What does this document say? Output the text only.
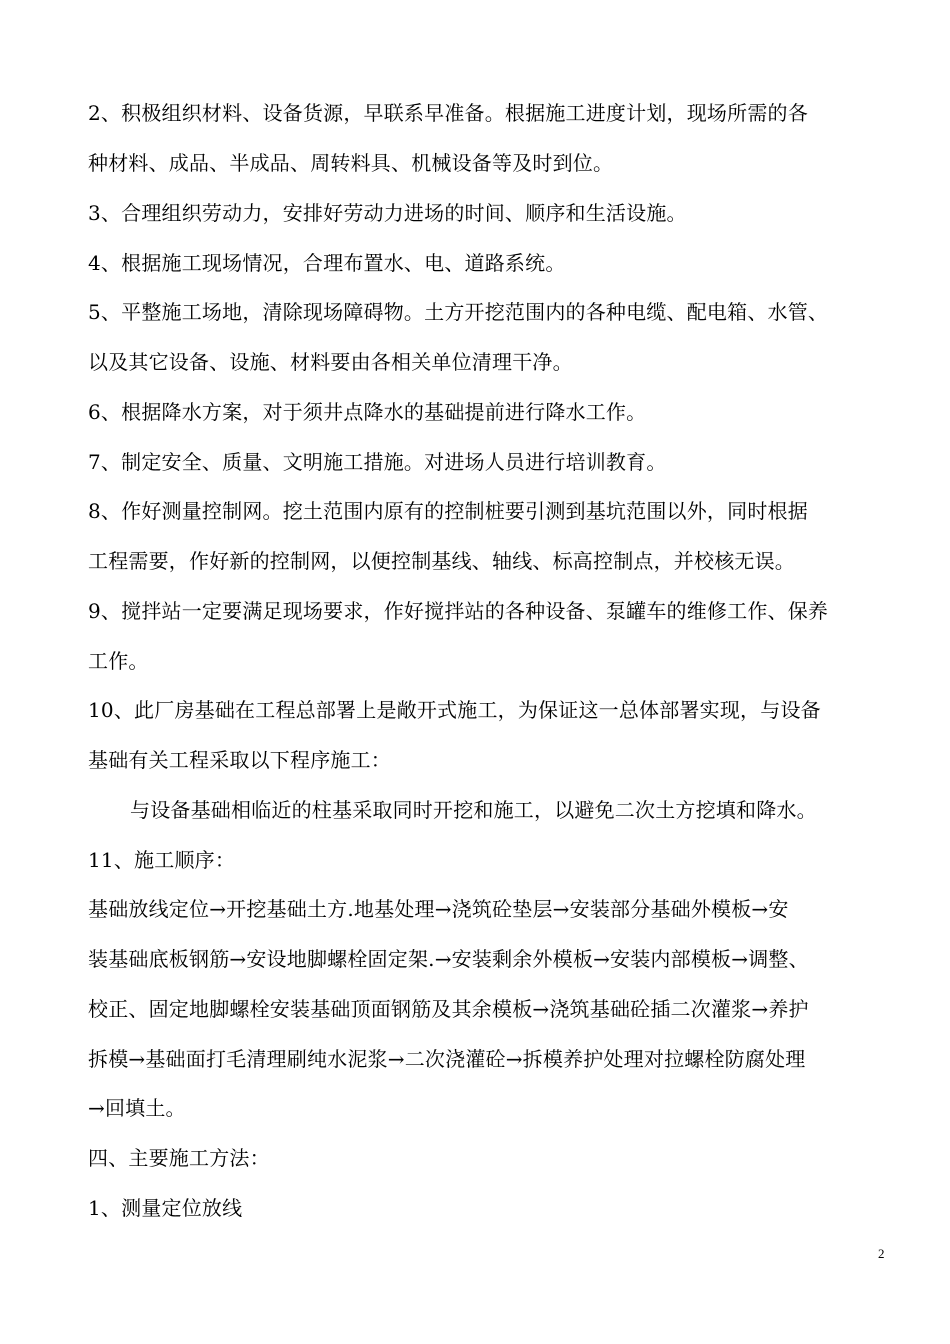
2、积极组织材料、设备货源，早联系早准备。根据施工进度计划，现场所需的各
种材料、成品、半成品、周转料具、机械设备等及时到位。
3、合理组织劳动力，安排好劳动力进场的时间、顺序和生活设施。
4、根据施工现场情况，合理布置水、电、道路系统。
5、平整施工场地，清除现场障碍物。土方开挖范围内的各种电缆、配电箱、水管、
以及其它设备、设施、材料要由各相关单位清理干净。
6、根据降水方案，对于须井点降水的基础提前进行降水工作。
7、制定安全、质量、文明施工措施。对进场人员进行培训教育。
8、作好测量控制网。挖土范围内原有的控制桩要引测到基坑范围以外，同时根据
工程需要，作好新的控制网，以便控制基线、轴线、标高控制点，并校核无误。
9、搅拌站一定要满足现场要求，作好搅拌站的各种设备、泵罐车的维修工作、保养
工作。
10、此厂房基础在工程总部署上是敞开式施工，为保证这一总体部署实现，与设备
基础有关工程采取以下程序施工：
与设备基础相临近的柱基采取同时开挖和施工，以避免二次土方挖填和降水。
11、施工顺序：
基础放线定位→开挖基础土方.地基处理→浇筑砼垫层→安装部分基础外模板→安
装基础底板钢筋→安设地脚螺栓固定架.→安装剩余外模板→安装内部模板→调整、
校正、固定地脚螺栓安装基础顶面钢筋及其余模板→浇筑基础砼插二次灌浆→养护
拆模→基础面打毛清理刷纯水泥浆→二次浇灌砼→拆模养护处理对拉螺栓防腐处理
→回填土。
四、主要施工方法：
1、测量定位放线
2
